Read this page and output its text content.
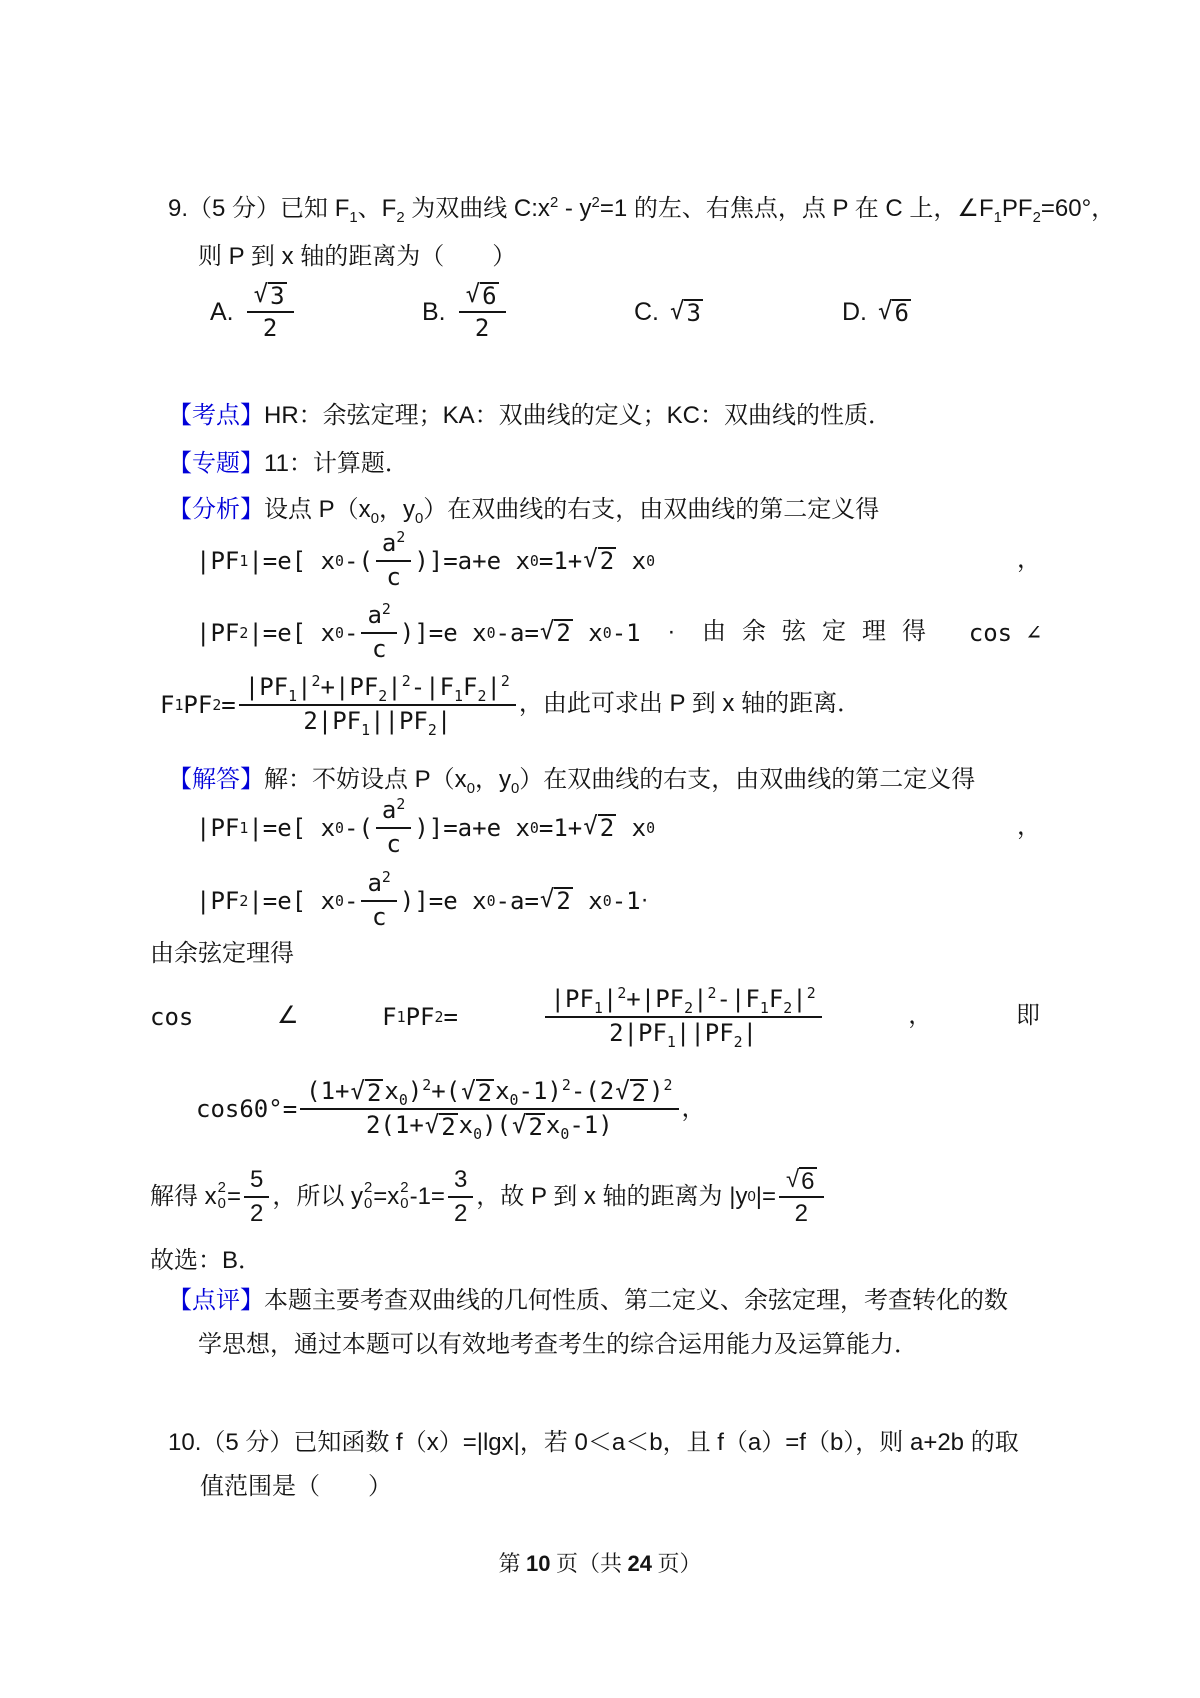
9.（5 分）已知 $F_1$、$F_2$ 为双曲线 $C:x^2 - y^2=1$ 的左、右焦点，点 P 在 C 上，$\angle F_1PF_2=60^\circ$，
则 P 到 x 轴的距离为（　　）
A. $\frac{√ 3}{2}$	B. $\frac{√ 6}{2}$	C. √ 3	D. √ 6
【考点】HR：余弦定理；KA：双曲线的定义；KC：双曲线的性质．
【专题】11：计算题．
【分析】设点 $P(x_0$，$y_0$）在双曲线的右支，由双曲线的第二定义得
|PF 1 |=e[ x 0 -( $\frac{a^2}{c} )]=a+e$ x 0 =1+ √ 2 x 0	，
|PF 2 |=e[ x $0 - \frac{a^2}{c} )]=e$ x 0 -a= √ 2 x 0 -1 · 由余弦定理得 cos ∠
F 1 PF $2 = \frac{|PF_1|^2+|PF_2|^2-|F_1F_2|^2}{2|PF_1||PF_2|}$ ，由此可求出 P 到 x 轴的距离．
【解答】解：不妨设点 $P(x_0$，$y_0$）在双曲线的右支，由双曲线的第二定义得
|PF 1 |=e[ x 0 -( $\frac{a^2}{c} )]=a+e$ x 0 =1+ √ 2 x 0	，
|PF 2 |=e[ x $0 - \frac{a^2}{c} )]=e$ x 0 -a= √ 2 x 0 -1 ·
由余弦定理得
cos	∠	F 1 PF 2 =	$\frac{|PF_1|^2+|PF_2|^2-|F_1F_2|^2}{2|PF_1||PF_2|}$	，	即
$\cos 60^\circ= \frac{(1+ √ 2 x_0)^2+( √ 2 x_0-1)^2-(2 √ 2 )^2}{2(1+ √ 2 x_0)( √ 2 x_0-1)}$ ，
解得 x 2
$0 = \frac{5}{2}$ ，所以 y 2
0 =x 2
0 $-1= \frac{3}{2}$ ，故 P 到 x 轴的距离为 |y 0 |= $\frac{√ 6}{2}$
故选：B．
【点评】本题主要考查双曲线的几何性质、第二定义、余弦定理，考查转化的数
学思想，通过本题可以有效地考查考生的综合运用能力及运算能力．
10.（5 分）已知函数 f（x）=|lgx|，若 0＜a＜b，且 f（a）=f（b），则 a+2b 的取
值范围是（　　）
第 10 页（共 24 页）
